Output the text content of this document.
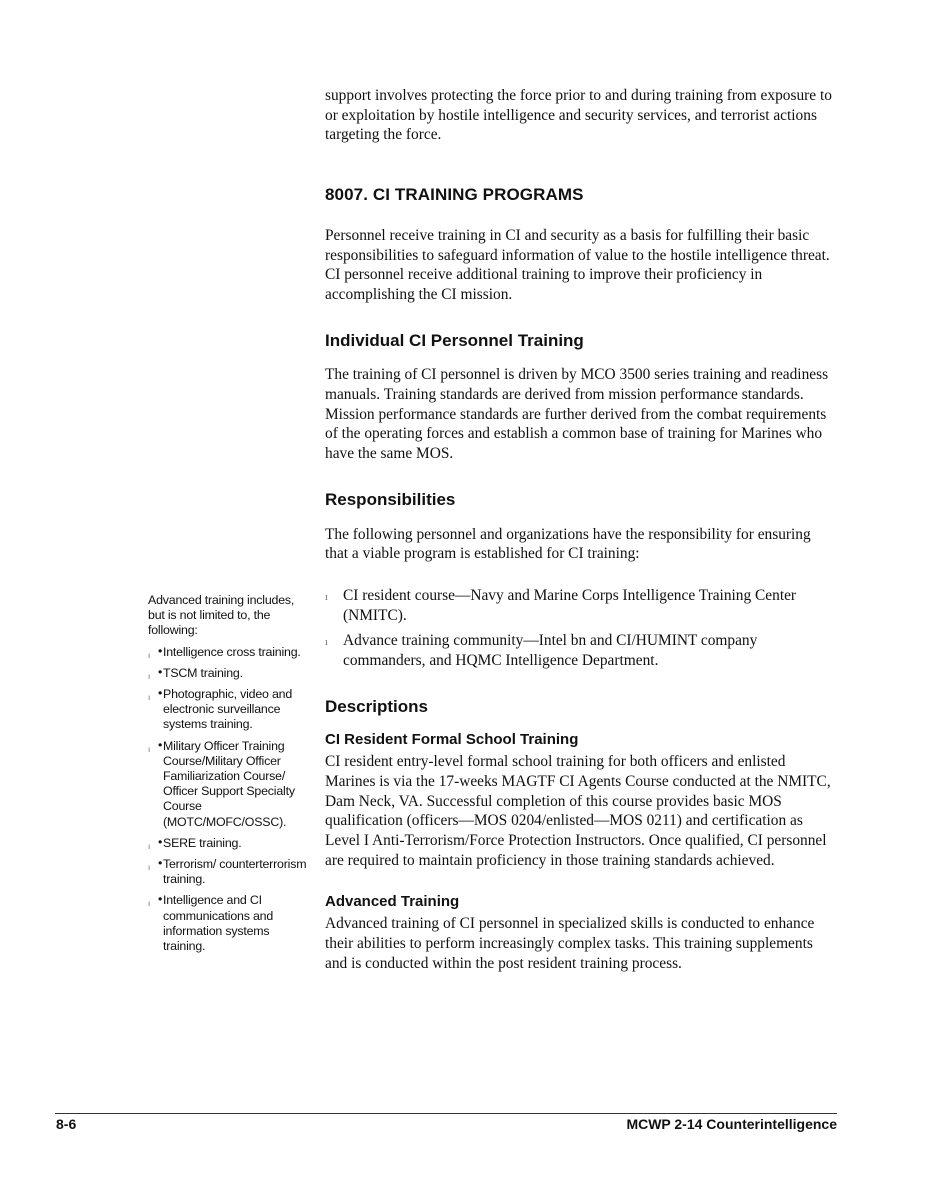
support involves protecting the force prior to and during training from exposure to or exploitation by hostile intelligence and security services, and terrorist actions targeting the force.

8007. CI TRAINING PROGRAMS

Personnel receive training in CI and security as a basis for fulfilling their basic responsibilities to safeguard information of value to the hostile intelligence threat. CI personnel receive additional training to improve their proficiency in accomplishing the CI mission.

Individual CI Personnel Training

The training of CI personnel is driven by MCO 3500 series training and readiness manuals. Training standards are derived from mission performance standards. Mission performance standards are further derived from the combat requirements of the operating forces and establish a common base of training for Marines who have the same MOS.

Responsibilities

The following personnel and organizations have the responsibility for ensuring that a viable program is established for CI training:

ı CI resident course—Navy and Marine Corps Intelligence Training Center (NMITC).
ı Advance training community—Intel bn and CI/HUMINT company commanders, and HQMC Intelligence Department.
Descriptions
CI Resident Formal School Training

CI resident entry-level formal school training for both officers and enlisted Marines is via the 17-weeks MAGTF CI Agents Course conducted at the NMITC, Dam Neck, VA. Successful completion of this course provides basic MOS qualification (officers—MOS 0204/enlisted—MOS 0211) and certification as Level I Anti-Terrorism/Force Protection Instructors. Once qualified, CI personnel are required to maintain proficiency in those training standards achieved.

Advanced Training

Advanced training of CI personnel in specialized skills is conducted to enhance their abilities to perform increasingly complex tasks. This training supplements and is conducted within the post resident training process.

Advanced training includes, but is not limited to, the following:

ı • Intelligence cross training.
ı • TSCM training.
ı • Photographic, video and electronic surveillance systems training.
ı • Military Officer Training Course/Military Officer Familiarization Course/ Officer Support Specialty Course (MOTC/MOFC/OSSC).
ı • SERE training.
ı • Terrorism/ counterterrorism training.
ı • Intelligence and CI communications and information systems training.
8-6	MCWP 2-14 Counterintelligence
